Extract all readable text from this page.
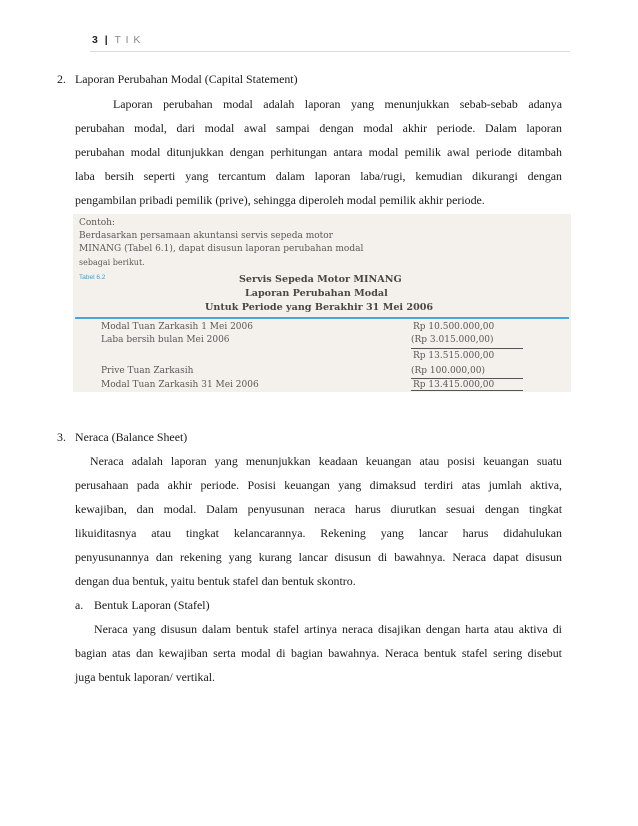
3 | T I K
2. Laporan Perubahan Modal (Capital Statement)
Laporan perubahan modal adalah laporan yang menunjukkan sebab-sebab adanya
perubahan modal, dari modal awal sampai dengan modal akhir periode. Dalam laporan
perubahan modal ditunjukkan dengan perhitungan antara modal pemilik awal periode ditambah
laba bersih seperti yang tercantum dalam laporan laba/rugi, kemudian dikurangi dengan
pengambilan pribadi pemilik (prive), sehingga diperoleh modal pemilik akhir periode.
Contoh:
Berdasarkan persamaan akuntansi servis sepeda motor
MINANG (Tabel 6.1), dapat disusun laporan perubahan modal
sebagai berikut.
Tabel 6.2	Servis Sepeda Motor MINANG
Laporan Perubahan Modal
Untuk Periode yang Berakhir 31 Mei 2006
Modal Tuan Zarkasih 1 Mei 2006	Rp 10.500.000,00
Laba bersih bulan Mei 2006	(Rp 3.015.000,00)
Rp 13.515.000,00
Prive Tuan Zarkasih	(Rp 100.000,00)
Modal Tuan Zarkasih 31 Mei 2006	Rp 13.415.000,00
3. Neraca (Balance Sheet)
Neraca adalah laporan yang menunjukkan keadaan keuangan atau posisi keuangan suatu
perusahaan pada akhir periode. Posisi keuangan yang dimaksud terdiri atas jumlah aktiva,
kewajiban, dan modal. Dalam penyusunan neraca harus diurutkan sesuai dengan tingkat
likuiditasnya atau tingkat kelancarannya. Rekening yang lancar harus didahulukan
penyusunannya dan rekening yang kurang lancar disusun di bawahnya. Neraca dapat disusun
dengan dua bentuk, yaitu bentuk stafel dan bentuk skontro.
a. Bentuk Laporan (Stafel)
Neraca yang disusun dalam bentuk stafel artinya neraca disajikan dengan harta atau aktiva di
bagian atas dan kewajiban serta modal di bagian bawahnya. Neraca bentuk stafel sering disebut
juga bentuk laporan/ vertikal.
